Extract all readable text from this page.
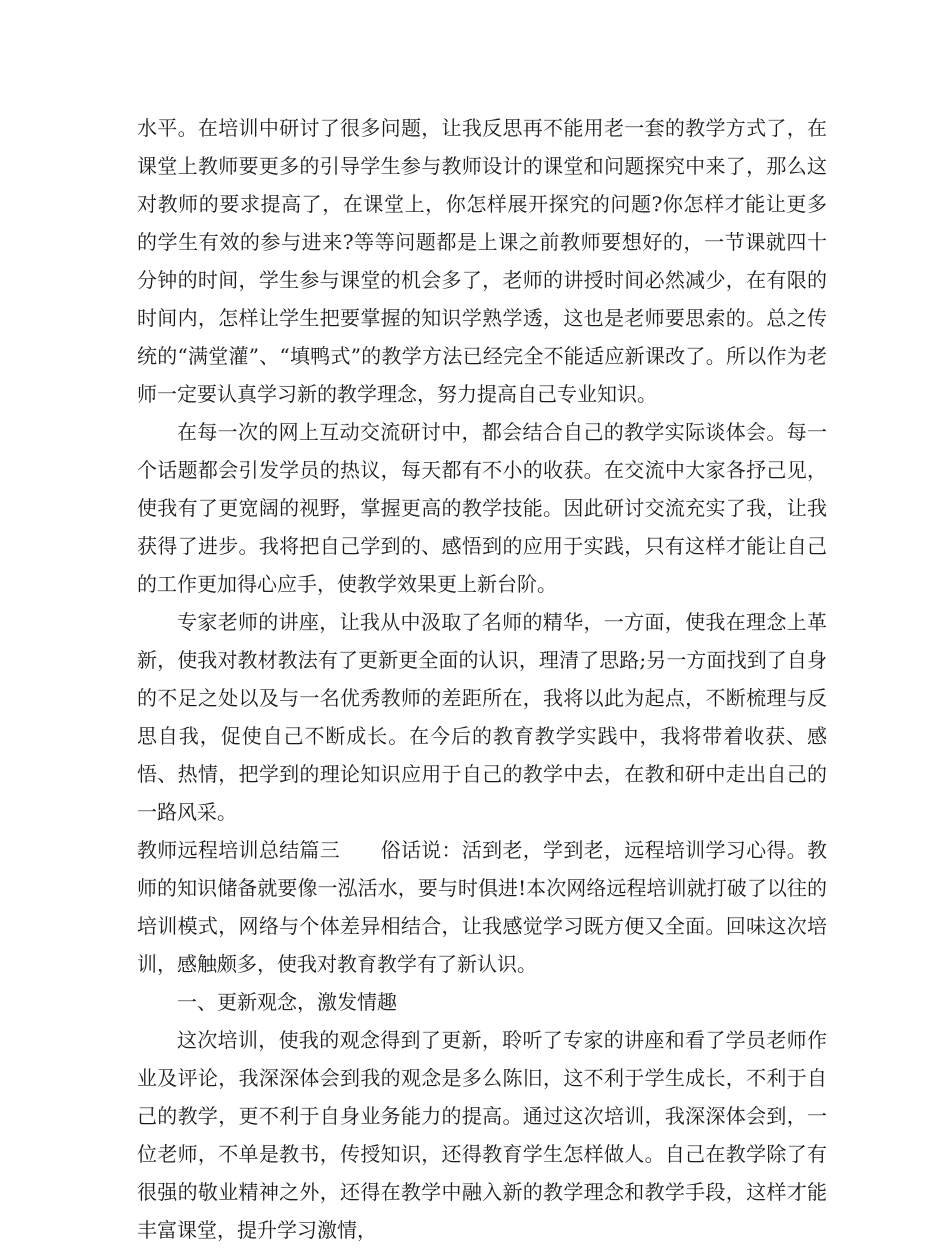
水平。在培训中研讨了很多问题，让我反思再不能用老一套的教学方式了，在课堂上教师要更多的引导学生参与教师设计的课堂和问题探究中来了，那么这对教师的要求提高了，在课堂上，你怎样展开探究的问题?你怎样才能让更多的学生有效的参与进来?等等问题都是上课之前教师要想好的，一节课就四十分钟的时间，学生参与课堂的机会多了，老师的讲授时间必然减少，在有限的时间内，怎样让学生把要掌握的知识学熟学透，这也是老师要思索的。总之传统的“满堂灌”、“填鸭式”的教学方法已经完全不能适应新课改了。所以作为老师一定要认真学习新的教学理念，努力提高自己专业知识。

在每一次的网上互动交流研讨中，都会结合自己的教学实际谈体会。每一个话题都会引发学员的热议，每天都有不小的收获。在交流中大家各抒己见，使我有了更宽阔的视野，掌握更高的教学技能。因此研讨交流充实了我，让我获得了进步。我将把自己学到的、感悟到的应用于实践，只有这样才能让自己的工作更加得心应手，使教学效果更上新台阶。

专家老师的讲座，让我从中汲取了名师的精华，一方面，使我在理念上革新，使我对教材教法有了更新更全面的认识，理清了思路;另一方面找到了自身的不足之处以及与一名优秀教师的差距所在，我将以此为起点，不断梳理与反思自我，促使自己不断成长。在今后的教育教学实践中，我将带着收获、感悟、热情，把学到的理论知识应用于自己的教学中去，在教和研中走出自己的一路风采。

教师远程培训总结篇三　　俗话说：活到老，学到老，远程培训学习心得。教师的知识储备就要像一泓活水，要与时俱进!本次网络远程培训就打破了以往的培训模式，网络与个体差异相结合，让我感觉学习既方便又全面。回味这次培训，感触颇多，使我对教育教学有了新认识。

一、更新观念，激发情趣

这次培训，使我的观念得到了更新，聆听了专家的讲座和看了学员老师作业及评论，我深深体会到我的观念是多么陈旧，这不利于学生成长，不利于自己的教学，更不利于自身业务能力的提高。通过这次培训，我深深体会到，一位老师，不单是教书，传授知识，还得教育学生怎样做人。自己在教学除了有很强的敬业精神之外，还得在教学中融入新的教学理念和教学手段，这样才能丰富课堂，提升学习激情，
